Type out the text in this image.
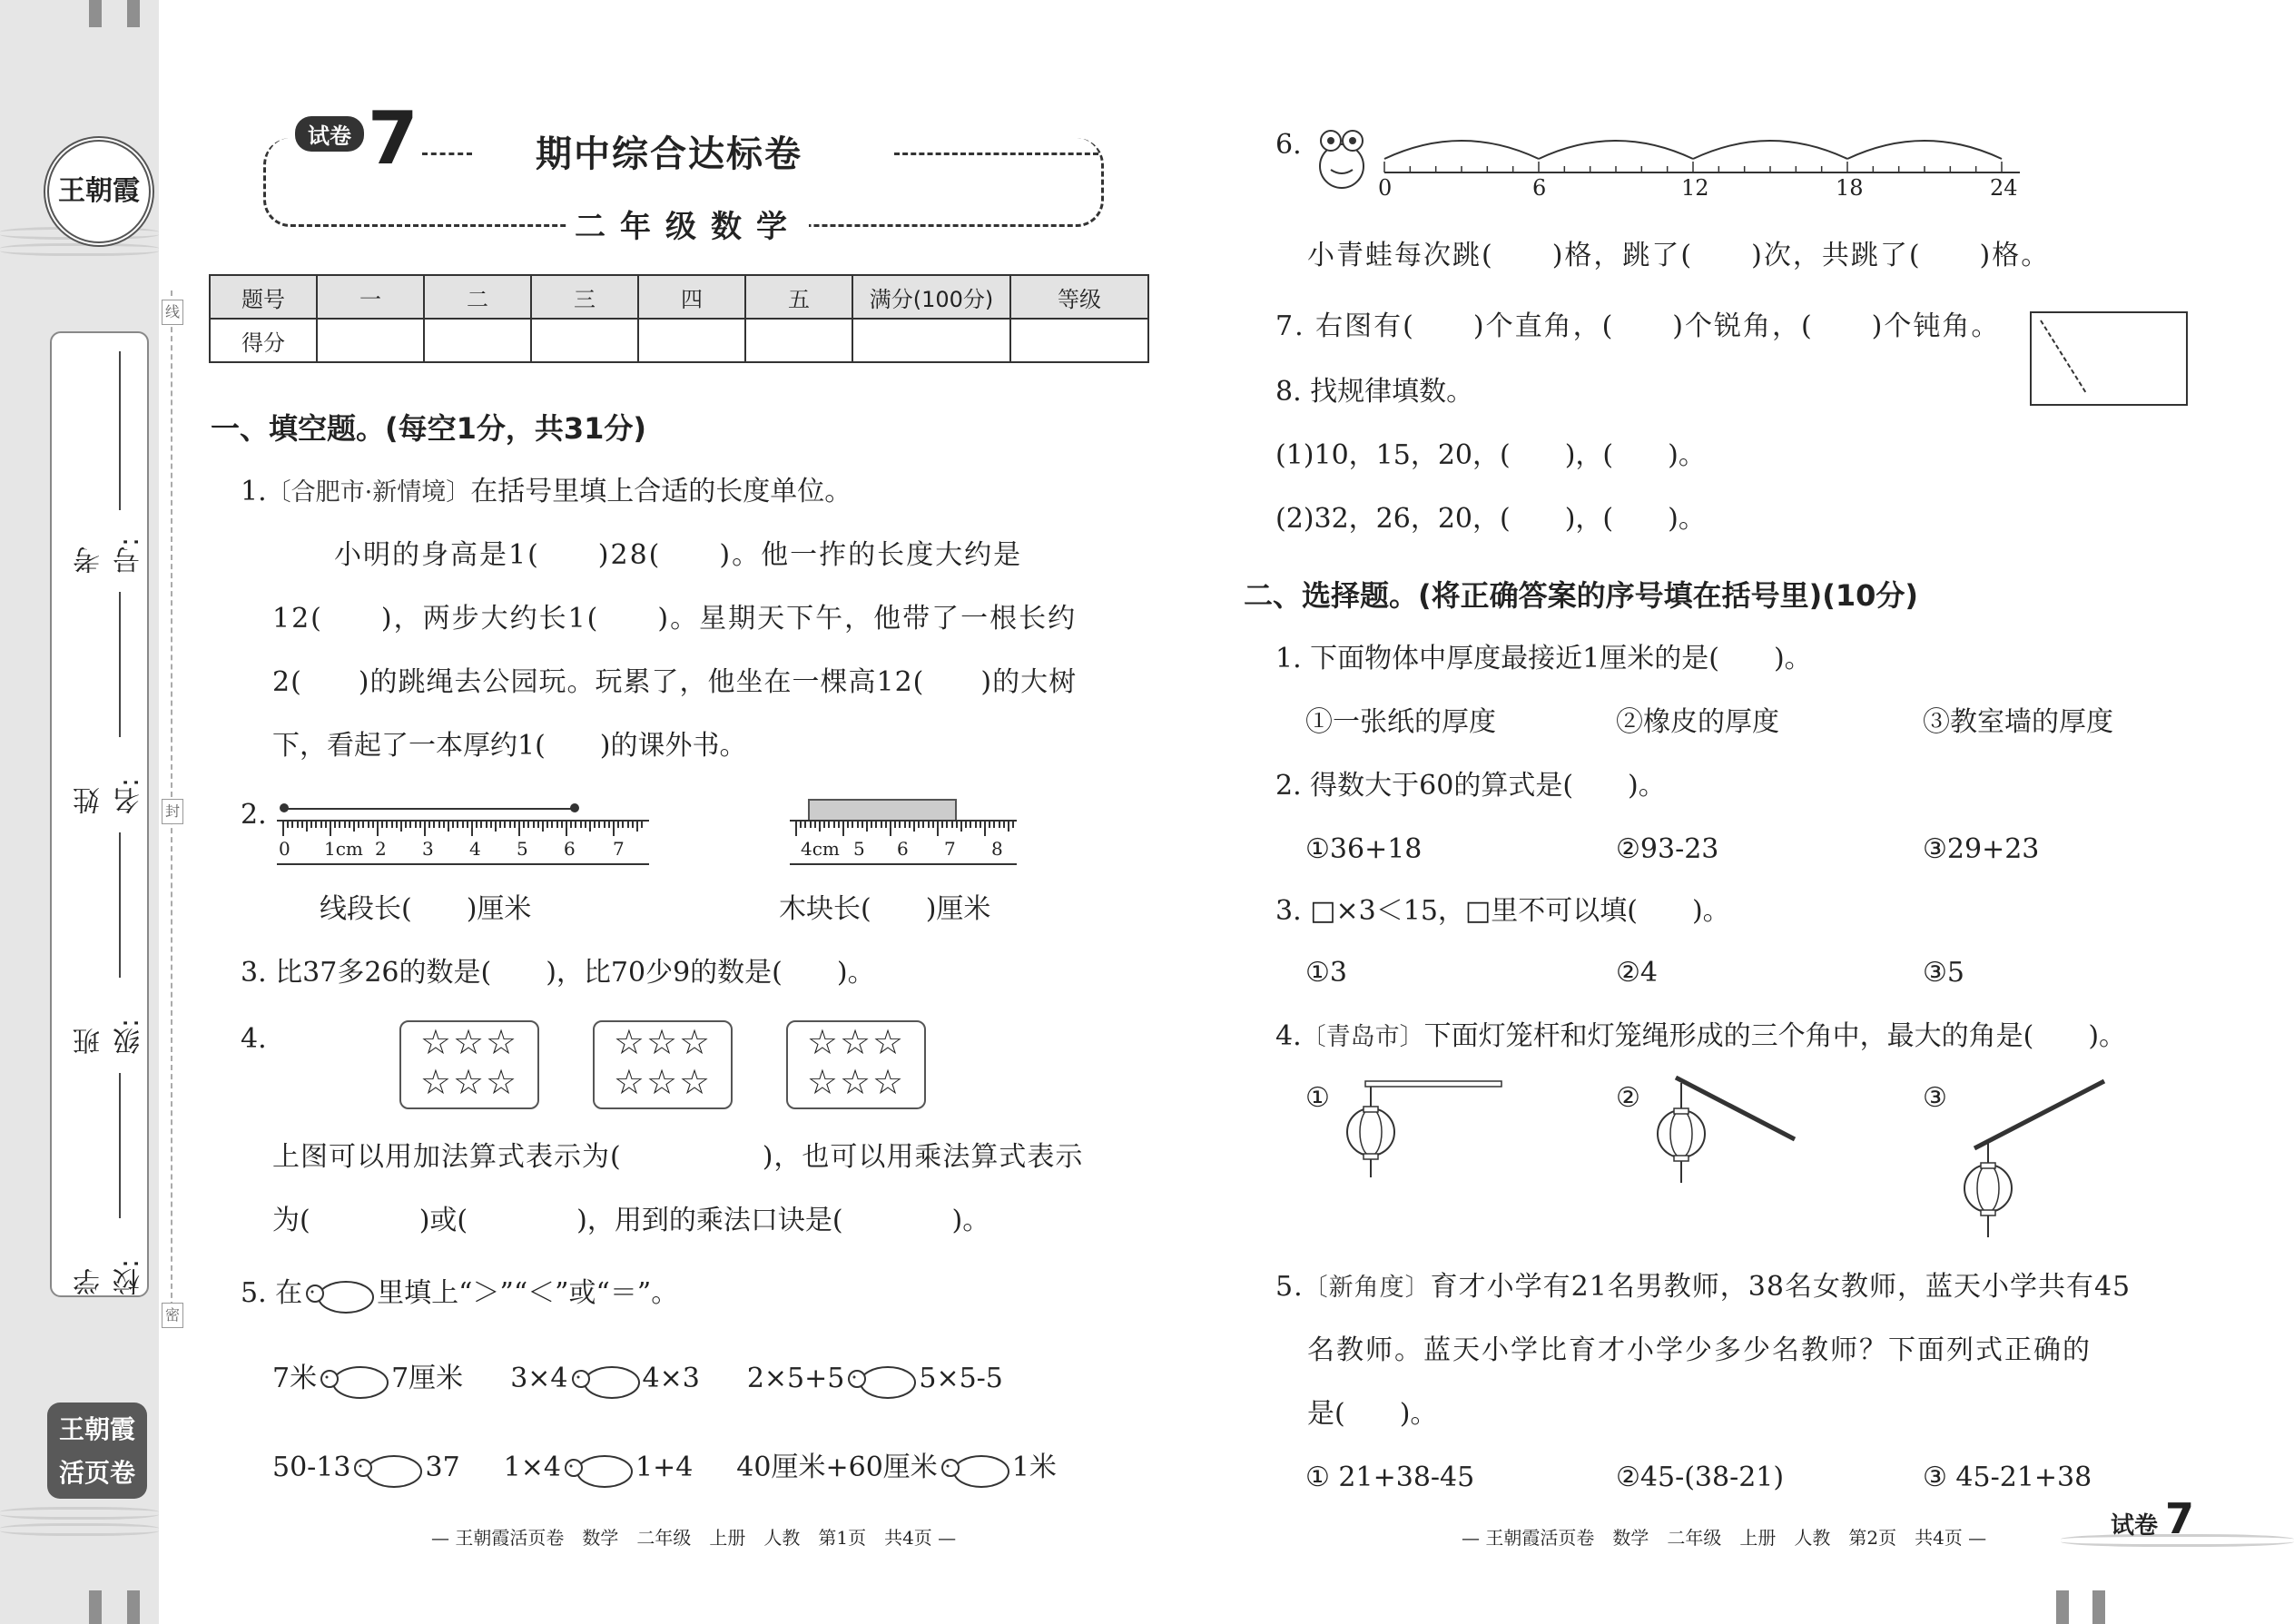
王朝霞
考号:
姓名:
班级:
学校:
王朝霞
活页卷
线
封
密
试卷 7	期中综合达标卷
二年级数学
题号	一	二	三	四	五	满分(100分)	等级
得分							
一、填空题。(每空1分，共31分)
1.〔合肥市·新情境〕在括号里填上合适的长度单位。
小明的身高是1(　　)28(　　)。他一拃的长度大约是
12(　　)，两步大约长1(　　)。星期天下午，他带了一根长约
2(　　)的跳绳去公园玩。玩累了，他坐在一棵高12(　　)的大树
下，看起了一本厚约1(　　)的课外书。
2.
0 1cm 2 3 4 5 6 7	4cm 5 6 7 8
线段长(　　)厘米	木块长(　　)厘米
3. 比37多26的数是(　　)，比70少9的数是(　　)。
4.	☆☆☆
☆☆☆
☆☆☆
☆☆☆
☆☆☆
☆☆☆
上图可以用加法算式表示为(　　　　　)，也可以用乘法算式表示
为(　　　　)或(　　　　)，用到的乘法口诀是(　　　　)。
5. 在	里填上“＞”“＜”或“＝”。
7米	7厘米 3×4	4×3 2×5+5	5×5-5
50-13	37 1×4	1+4 40厘米+60厘米	1米
— 王朝霞活页卷　数学　二年级　上册　人教　第1页　共4页 —
6.
0	6	12	18	24
小青蛙每次跳(　　)格，跳了(　　)次，共跳了(　　)格。
7. 右图有(　　)个直角，(　　)个锐角，(　　)个钝角。
8. 找规律填数。
(1)10，15，20，(　　)，(　　)。
(2)32，26，20，(　　)，(　　)。
二、选择题。(将正确答案的序号填在括号里)(10分)
1. 下面物体中厚度最接近1厘米的是(　　)。
①一张纸的厚度	②橡皮的厚度	③教室墙的厚度
2. 得数大于60的算式是(　　)。
①36+18	②93-23	③29+23
3. □×3＜15，□里不可以填(　　)。
①3	②4	③5
4.〔青岛市〕下面灯笼杆和灯笼绳形成的三个角中，最大的角是(　　)。
①	②	③
5.〔新角度〕育才小学有21名男教师，38名女教师，蓝天小学共有45
名教师。蓝天小学比育才小学少多少名教师？下面列式正确的
是(　　)。
① 21+38-45	②45-(38-21)	③ 45-21+38
— 王朝霞活页卷　数学　二年级　上册　人教　第2页　共4页 —	试卷 7
